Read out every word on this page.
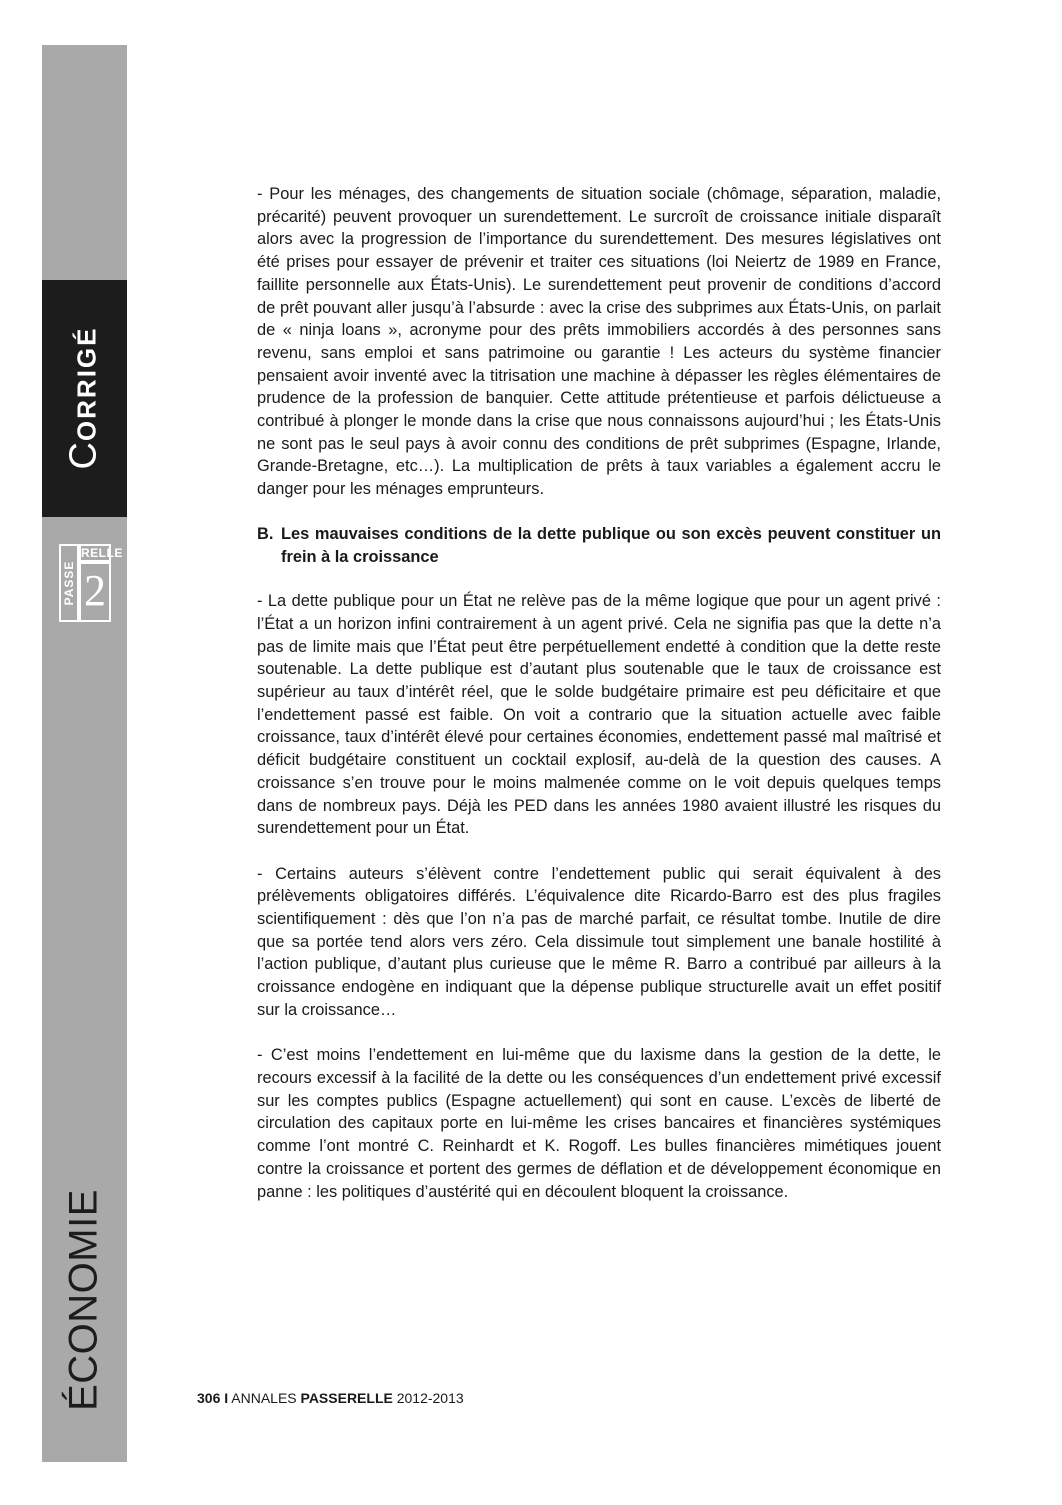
CORRIGÉ
PASSE
RELLE
2
ÉCONOMIE

- Pour les ménages, des changements de situation sociale (chômage, séparation, maladie, précarité) peuvent provoquer un surendettement. Le surcroît de croissance initiale disparaît alors avec la progression de l’importance du surendettement. Des mesures législatives ont été prises pour essayer de prévenir et traiter ces situations (loi Neiertz de 1989 en France, faillite personnelle aux États-Unis). Le surendettement peut provenir de conditions d’accord de prêt pouvant aller jusqu’à l’absurde : avec la crise des subprimes aux États-Unis, on parlait de « ninja loans », acronyme pour des prêts immobiliers accordés à des personnes sans revenu, sans emploi et sans patrimoine ou garantie ! Les acteurs du système financier pensaient avoir inventé avec la titrisation une machine à dépasser les règles élémentaires de prudence de la profession de banquier. Cette attitude prétentieuse et parfois délictueuse a contribué à plonger le monde dans la crise que nous connaissons aujourd’hui ; les États-Unis ne sont pas le seul pays à avoir connu des conditions de prêt subprimes (Espagne, Irlande, Grande-Bretagne, etc…). La multiplication de prêts à taux variables a également accru le danger pour les ménages emprunteurs.

B. Les mauvaises conditions de la dette publique ou son excès peuvent constituer un frein à la croissance

- La dette publique pour un État ne relève pas de la même logique que pour un agent privé : l’État a un horizon infini contrairement à un agent privé. Cela ne signifia pas que la dette n’a pas de limite mais que l’État peut être perpétuellement endetté à condition que la dette reste soutenable. La dette publique est d’autant plus soutenable que le taux de croissance est supérieur au taux d’intérêt réel, que le solde budgétaire primaire est peu déficitaire et que l’endettement passé est faible. On voit a contrario que la situation actuelle avec faible croissance, taux d’intérêt élevé pour certaines économies, endettement passé mal maîtrisé et déficit budgétaire constituent un cocktail explosif, au-delà de la question des causes. A croissance s’en trouve pour le moins malmenée comme on le voit depuis quelques temps dans de nombreux pays. Déjà les PED dans les années 1980 avaient illustré les risques du surendettement pour un État.

- Certains auteurs s’élèvent contre l’endettement public qui serait équivalent à des prélèvements obligatoires différés. L’équivalence dite Ricardo-Barro est des plus fragiles scientifiquement : dès que l’on n’a pas de marché parfait, ce résultat tombe. Inutile de dire que sa portée tend alors vers zéro. Cela dissimule tout simplement une banale hostilité à l’action publique, d’autant plus curieuse que le même R. Barro a contribué par ailleurs à la croissance endogène en indiquant que la dépense publique structurelle avait un effet positif sur la croissance…

- C’est moins l’endettement en lui-même que du laxisme dans la gestion de la dette, le recours excessif à la facilité de la dette ou les conséquences d’un endettement privé excessif sur les comptes publics (Espagne actuellement) qui sont en cause. L’excès de liberté de circulation des capitaux porte en lui-même les crises bancaires et financières systémiques comme l’ont montré C. Reinhardt et K. Rogoff. Les bulles financières mimétiques jouent contre la croissance et portent des germes de déflation et de développement économique en panne : les politiques d’austérité qui en découlent bloquent la croissance.

306 I ANNALES PASSERELLE 2012-2013
